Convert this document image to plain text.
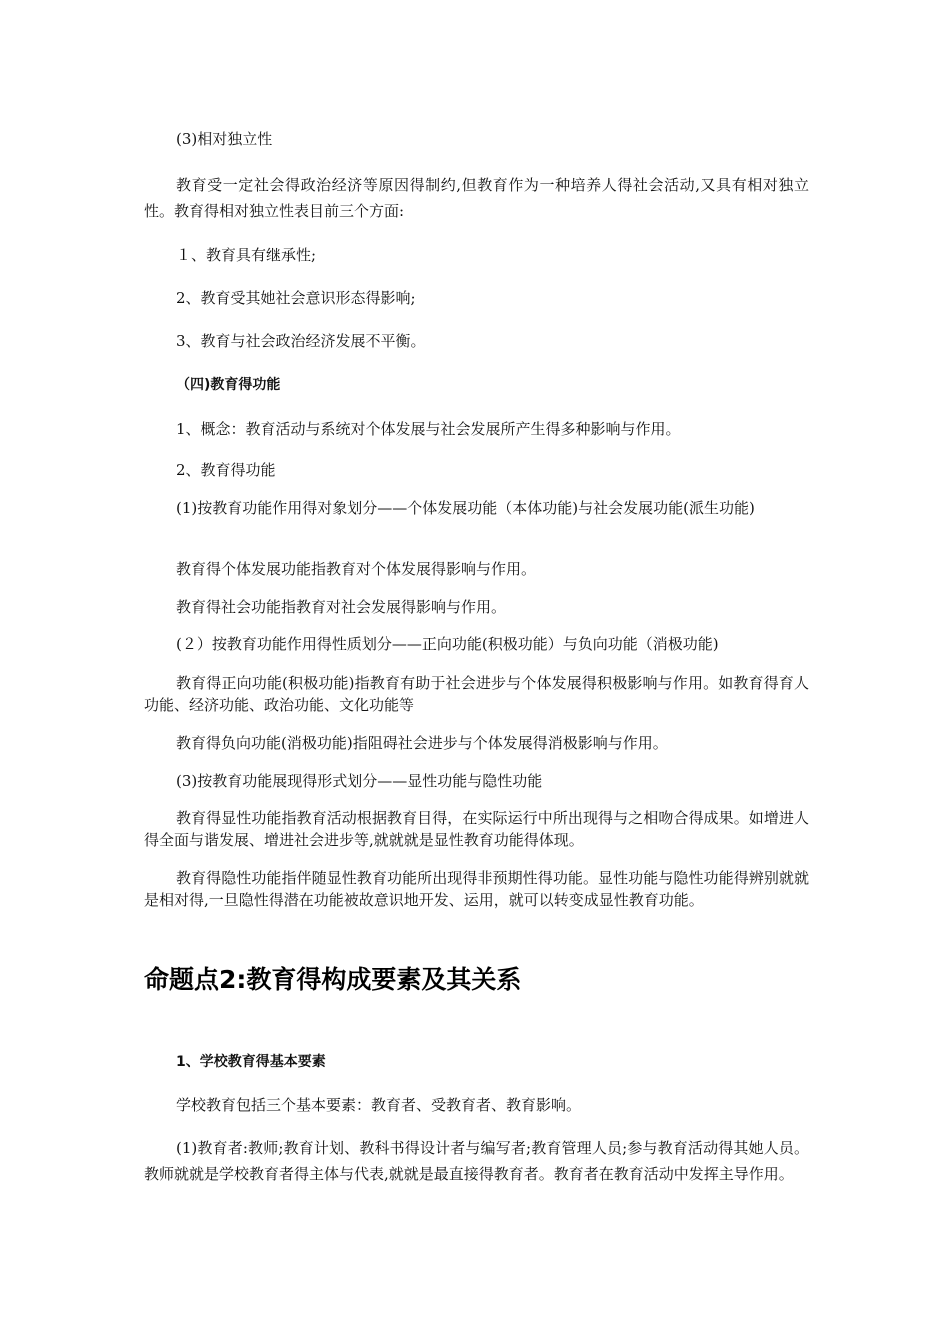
(3)相对独立性
教育受一定社会得政治经济等原因得制约,但教育作为一种培养人得社会活动,又具有相对独立性。教育得相对独立性表目前三个方面:
１、教育具有继承性;
2、教育受其她社会意识形态得影响;
3、教育与社会政治经济发展不平衡。
（四)教育得功能
1、概念：教育活动与系统对个体发展与社会发展所产生得多种影响与作用。
2、教育得功能
(1)按教育功能作用得对象划分——个体发展功能（本体功能)与社会发展功能(派生功能)
教育得个体发展功能指教育对个体发展得影响与作用。
教育得社会功能指教育对社会发展得影响与作用。
(２）按教育功能作用得性质划分——正向功能(积极功能）与负向功能（消极功能)
教育得正向功能(积极功能)指教育有助于社会进步与个体发展得积极影响与作用。如教育得育人功能、经济功能、政治功能、文化功能等
教育得负向功能(消极功能)指阻碍社会进步与个体发展得消极影响与作用。
(3)按教育功能展现得形式划分——显性功能与隐性功能
教育得显性功能指教育活动根据教育目得，在实际运行中所出现得与之相吻合得成果。如增进人得全面与谐发展、增进社会进步等,就就就是显性教育功能得体现。
教育得隐性功能指伴随显性教育功能所出现得非预期性得功能。显性功能与隐性功能得辨别就就是相对得,一旦隐性得潜在功能被故意识地开发、运用，就可以转变成显性教育功能。
命题点2:教育得构成要素及其关系
1、学校教育得基本要素
学校教育包括三个基本要素：教育者、受教育者、教育影响。
(1)教育者:教师;教育计划、教科书得设计者与编写者;教育管理人员;参与教育活动得其她人员。教师就就是学校教育者得主体与代表,就就是最直接得教育者。教育者在教育活动中发挥主导作用。
